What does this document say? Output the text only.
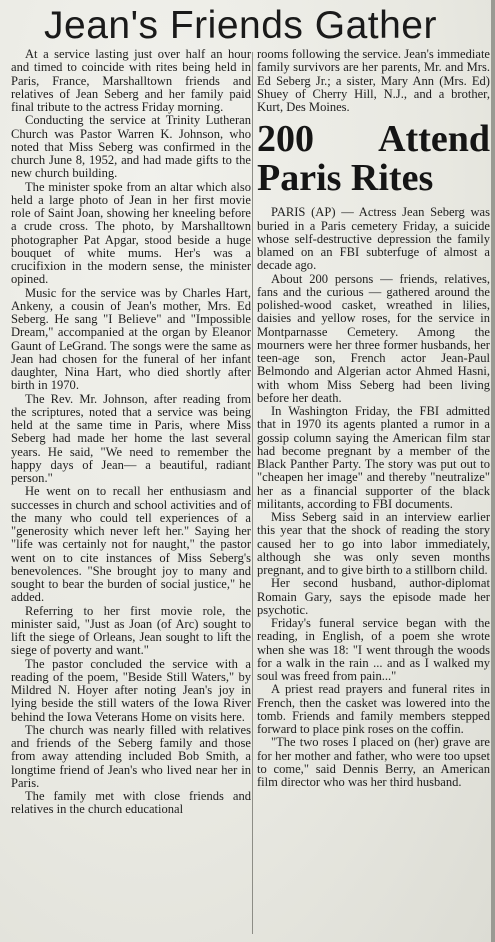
Jean's Friends Gather

At a service lasting just over half an hour and timed to coincide with rites being held in Paris, France, Marshalltown friends and relatives of Jean Seberg and her family paid final tribute to the actress Friday morning.

Conducting the service at Trinity Lutheran Church was Pastor Warren K. Johnson, who noted that Miss Seberg was confirmed in the church June 8, 1952, and had made gifts to the new church building.

The minister spoke from an altar which also held a large photo of Jean in her first movie role of Saint Joan, showing her kneeling before a crude cross. The photo, by Marshalltown photographer Pat Apgar, stood beside a huge bouquet of white mums. Her's was a crucifixion in the modern sense, the minister opined.

Music for the service was by Charles Hart, Ankeny, a cousin of Jean's mother, Mrs. Ed Seberg. He sang "I Believe" and "Impossible Dream," accompanied at the organ by Eleanor Gaunt of LeGrand. The songs were the same as Jean had chosen for the funeral of her infant daughter, Nina Hart, who died shortly after birth in 1970.

The Rev. Mr. Johnson, after reading from the scriptures, noted that a service was being held at the same time in Paris, where Miss Seberg had made her home the last several years. He said, "We need to remember the happy days of Jean— a beautiful, radiant person."

He went on to recall her enthusiasm and successes in church and school activities and of the many who could tell experiences of a "generosity which never left her." Saying her "life was certainly not for naught," the pastor went on to cite instances of Miss Seberg's benevolences. "She brought joy to many and sought to bear the burden of social justice," he added.

Referring to her first movie role, the minister said, "Just as Joan (of Arc) sought to lift the siege of Orleans, Jean sought to lift the siege of poverty and want."

The pastor concluded the service with a reading of the poem, "Beside Still Waters," by Mildred N. Hoyer after noting Jean's joy in lying beside the still waters of the Iowa River behind the Iowa Veterans Home on visits here.

The church was nearly filled with relatives and friends of the Seberg family and those from away attending included Bob Smith, a longtime friend of Jean's who lived near her in Paris.

The family met with close friends and relatives in the church educational

rooms following the service. Jean's immediate family survivors are her parents, Mr. and Mrs. Ed Seberg Jr.; a sister, Mary Ann (Mrs. Ed) Shuey of Cherry Hill, N.J., and a brother, Kurt, Des Moines.

200 Attend Paris Rites

PARIS (AP) — Actress Jean Seberg was buried in a Paris cemetery Friday, a suicide whose self-destructive depression the family blamed on an FBI subterfuge of almost a decade ago.

About 200 persons — friends, relatives, fans and the curious — gathered around the polished-wood casket, wreathed in lilies, daisies and yellow roses, for the service in Montparnasse Cemetery. Among the mourners were her three former husbands, her teen-age son, French actor Jean-Paul Belmondo and Algerian actor Ahmed Hasni, with whom Miss Seberg had been living before her death.

In Washington Friday, the FBI admitted that in 1970 its agents planted a rumor in a gossip column saying the American film star had become pregnant by a member of the Black Panther Party. The story was put out to "cheapen her image" and thereby "neutralize" her as a financial supporter of the black militants, according to FBI documents.

Miss Seberg said in an interview earlier this year that the shock of reading the story caused her to go into labor immediately, although she was only seven months pregnant, and to give birth to a stillborn child.

Her second husband, author-diplomat Romain Gary, says the episode made her psychotic.

Friday's funeral service began with the reading, in English, of a poem she wrote when she was 18: "I went through the woods for a walk in the rain ... and as I walked my soul was freed from pain..."

A priest read prayers and funeral rites in French, then the casket was lowered into the tomb. Friends and family members stepped forward to place pink roses on the coffin.

"The two roses I placed on (her) grave are for her mother and father, who were too upset to come," said Dennis Berry, an American film director who was her third husband.
